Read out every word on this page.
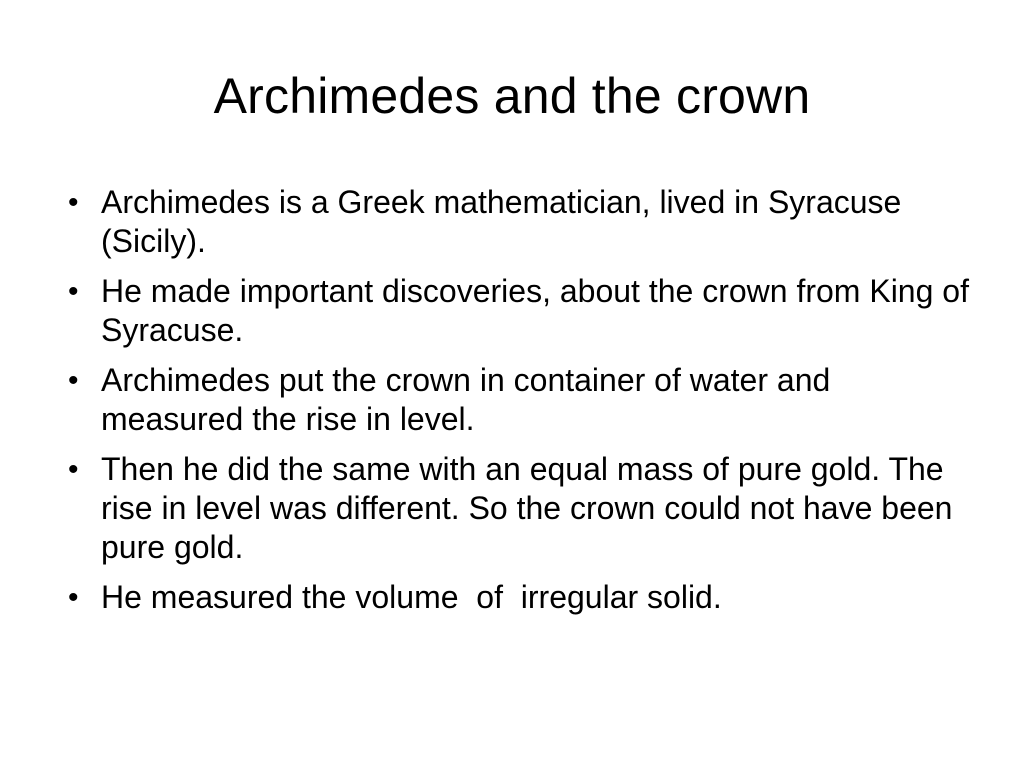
Archimedes and the crown
• Archimedes is a Greek mathematician, lived in Syracuse (Sicily).
• He made important discoveries, about the crown from King of Syracuse.
• Archimedes put the crown in container of water and measured the rise in level.
• Then he did the same with an equal mass of pure gold. The rise in level was different. So the crown could not have been pure gold.
• He measured the volume  of  irregular solid.
